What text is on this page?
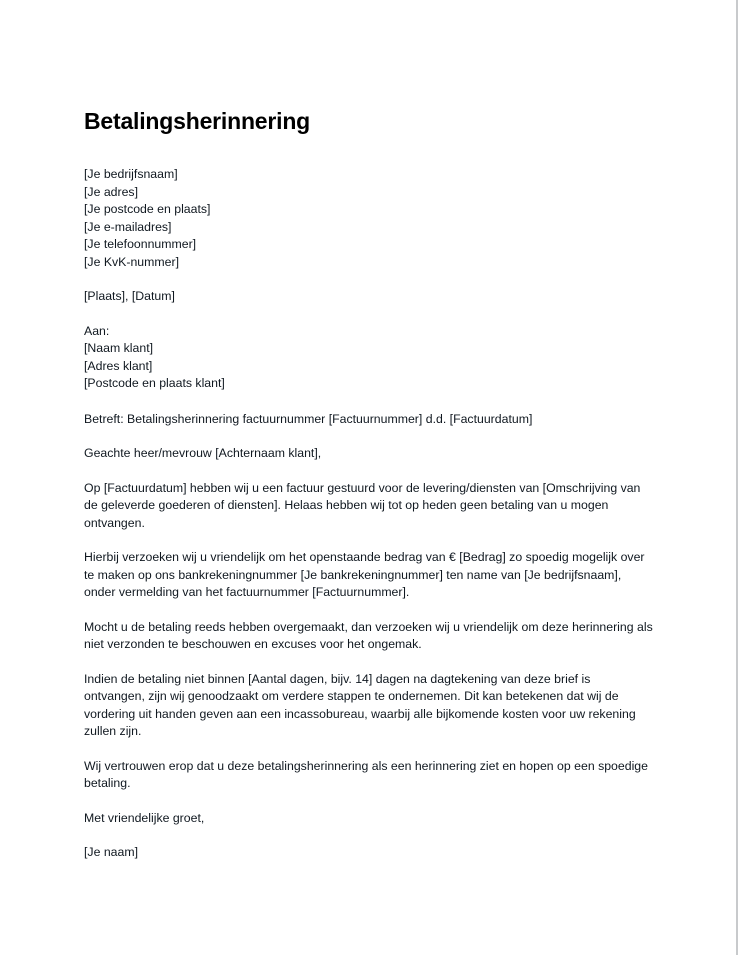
Betalingsherinnering
[Je bedrijfsnaam]
[Je adres]
[Je postcode en plaats]
[Je e-mailadres]
[Je telefoonnummer]
[Je KvK-nummer]
[Plaats], [Datum]
Aan:
[Naam klant]
[Adres klant]
[Postcode en plaats klant]
Betreft: Betalingsherinnering factuurnummer [Factuurnummer] d.d. [Factuurdatum]
Geachte heer/mevrouw [Achternaam klant],
Op [Factuurdatum] hebben wij u een factuur gestuurd voor de levering/diensten van [Omschrijving van de geleverde goederen of diensten]. Helaas hebben wij tot op heden geen betaling van u mogen ontvangen.
Hierbij verzoeken wij u vriendelijk om het openstaande bedrag van € [Bedrag] zo spoedig mogelijk over te maken op ons bankrekeningnummer [Je bankrekeningnummer] ten name van [Je bedrijfsnaam], onder vermelding van het factuurnummer [Factuurnummer].
Mocht u de betaling reeds hebben overgemaakt, dan verzoeken wij u vriendelijk om deze herinnering als niet verzonden te beschouwen en excuses voor het ongemak.
Indien de betaling niet binnen [Aantal dagen, bijv. 14] dagen na dagtekening van deze brief is ontvangen, zijn wij genoodzaakt om verdere stappen te ondernemen. Dit kan betekenen dat wij de vordering uit handen geven aan een incassobureau, waarbij alle bijkomende kosten voor uw rekening zullen zijn.
Wij vertrouwen erop dat u deze betalingsherinnering als een herinnering ziet en hopen op een spoedige betaling.
Met vriendelijke groet,
[Je naam]
